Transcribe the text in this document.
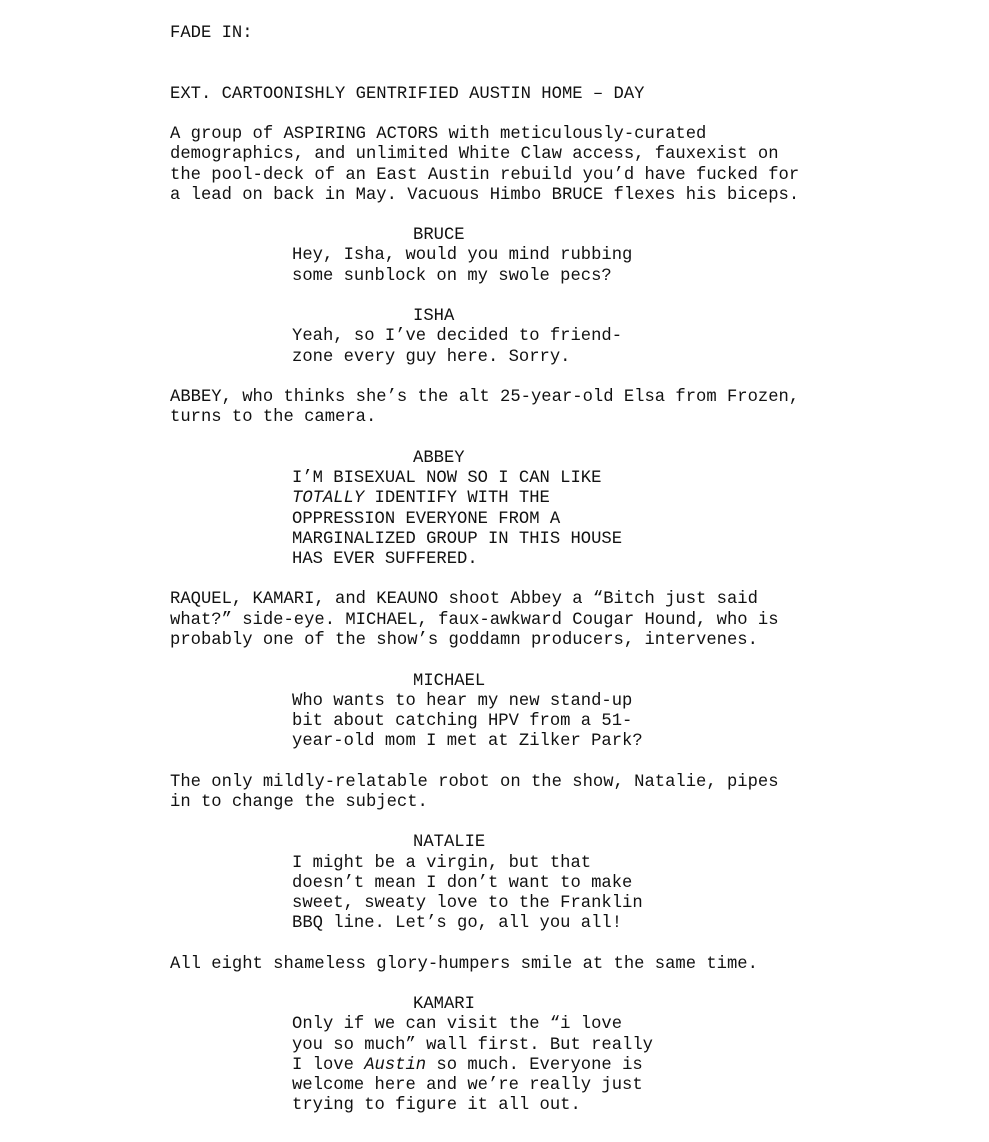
FADE IN:
EXT. CARTOONISHLY GENTRIFIED AUSTIN HOME – DAY
A group of ASPIRING ACTORS with meticulously-curated
demographics, and unlimited White Claw access, fauxexist on
the pool-deck of an East Austin rebuild you’d have fucked for
a lead on back in May. Vacuous Himbo BRUCE flexes his biceps.
BRUCE
Hey, Isha, would you mind rubbing
some sunblock on my swole pecs?
ISHA
Yeah, so I’ve decided to friend-
zone every guy here. Sorry.
ABBEY, who thinks she’s the alt 25-year-old Elsa from Frozen,
turns to the camera.
ABBEY
I’M BISEXUAL NOW SO I CAN LIKE
TOTALLY IDENTIFY WITH THE
OPPRESSION EVERYONE FROM A
MARGINALIZED GROUP IN THIS HOUSE
HAS EVER SUFFERED.
RAQUEL, KAMARI, and KEAUNO shoot Abbey a “Bitch just said
what?” side-eye. MICHAEL, faux-awkward Cougar Hound, who is
probably one of the show’s goddamn producers, intervenes.
MICHAEL
Who wants to hear my new stand-up
bit about catching HPV from a 51-
year-old mom I met at Zilker Park?
The only mildly-relatable robot on the show, Natalie, pipes
in to change the subject.
NATALIE
I might be a virgin, but that
doesn’t mean I don’t want to make
sweet, sweaty love to the Franklin
BBQ line. Let’s go, all you all!
All eight shameless glory-humpers smile at the same time.
KAMARI
Only if we can visit the “i love
you so much” wall first. But really
I love Austin so much. Everyone is
welcome here and we’re really just
trying to figure it all out.
